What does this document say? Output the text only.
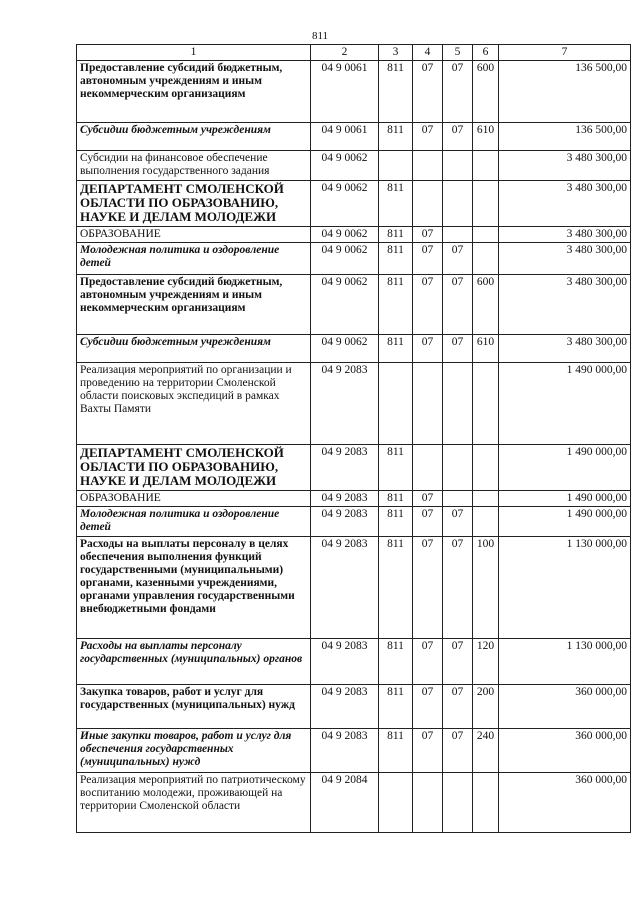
811
1	2	3	4	5	6	7
Предоставление субсидий бюджетным, автономным учреждениям и иным некоммерческим организациям	04 9 0061	811	07	07	600	136 500,00
Субсидии бюджетным учреждениям	04 9 0061	811	07	07	610	136 500,00
Субсидии на финансовое обеспечение выполнения государственного задания	04 9 0062					3 480 300,00
ДЕПАРТАМЕНТ СМОЛЕНСКОЙ ОБЛАСТИ ПО ОБРАЗОВАНИЮ, НАУКЕ И ДЕЛАМ МОЛОДЕЖИ	04 9 0062	811				3 480 300,00
ОБРАЗОВАНИЕ	04 9 0062	811	07			3 480 300,00
Молодежная политика и оздоровление детей	04 9 0062	811	07	07		3 480 300,00
Предоставление субсидий бюджетным, автономным учреждениям и иным некоммерческим организациям	04 9 0062	811	07	07	600	3 480 300,00
Субсидии бюджетным учреждениям	04 9 0062	811	07	07	610	3 480 300,00
Реализация мероприятий по организации и проведению на территории Смоленской области поисковых экспедиций в рамках Вахты Памяти	04 9 2083					1 490 000,00
ДЕПАРТАМЕНТ СМОЛЕНСКОЙ ОБЛАСТИ ПО ОБРАЗОВАНИЮ, НАУКЕ И ДЕЛАМ МОЛОДЕЖИ	04 9 2083	811				1 490 000,00
ОБРАЗОВАНИЕ	04 9 2083	811	07			1 490 000,00
Молодежная политика и оздоровление детей	04 9 2083	811	07	07		1 490 000,00
Расходы на выплаты персоналу в целях обеспечения выполнения функций государственными (муниципальными) органами, казенными учреждениями, органами управления государственными внебюджетными фондами	04 9 2083	811	07	07	100	1 130 000,00
Расходы на выплаты персоналу государственных (муниципальных) органов	04 9 2083	811	07	07	120	1 130 000,00
Закупка товаров, работ и услуг для государственных (муниципальных) нужд	04 9 2083	811	07	07	200	360 000,00
Иные закупки товаров, работ и услуг для обеспечения государственных (муниципальных) нужд	04 9 2083	811	07	07	240	360 000,00
Реализация мероприятий по патриотическому воспитанию молодежи, проживающей на территории Смоленской области	04 9 2084					360 000,00
